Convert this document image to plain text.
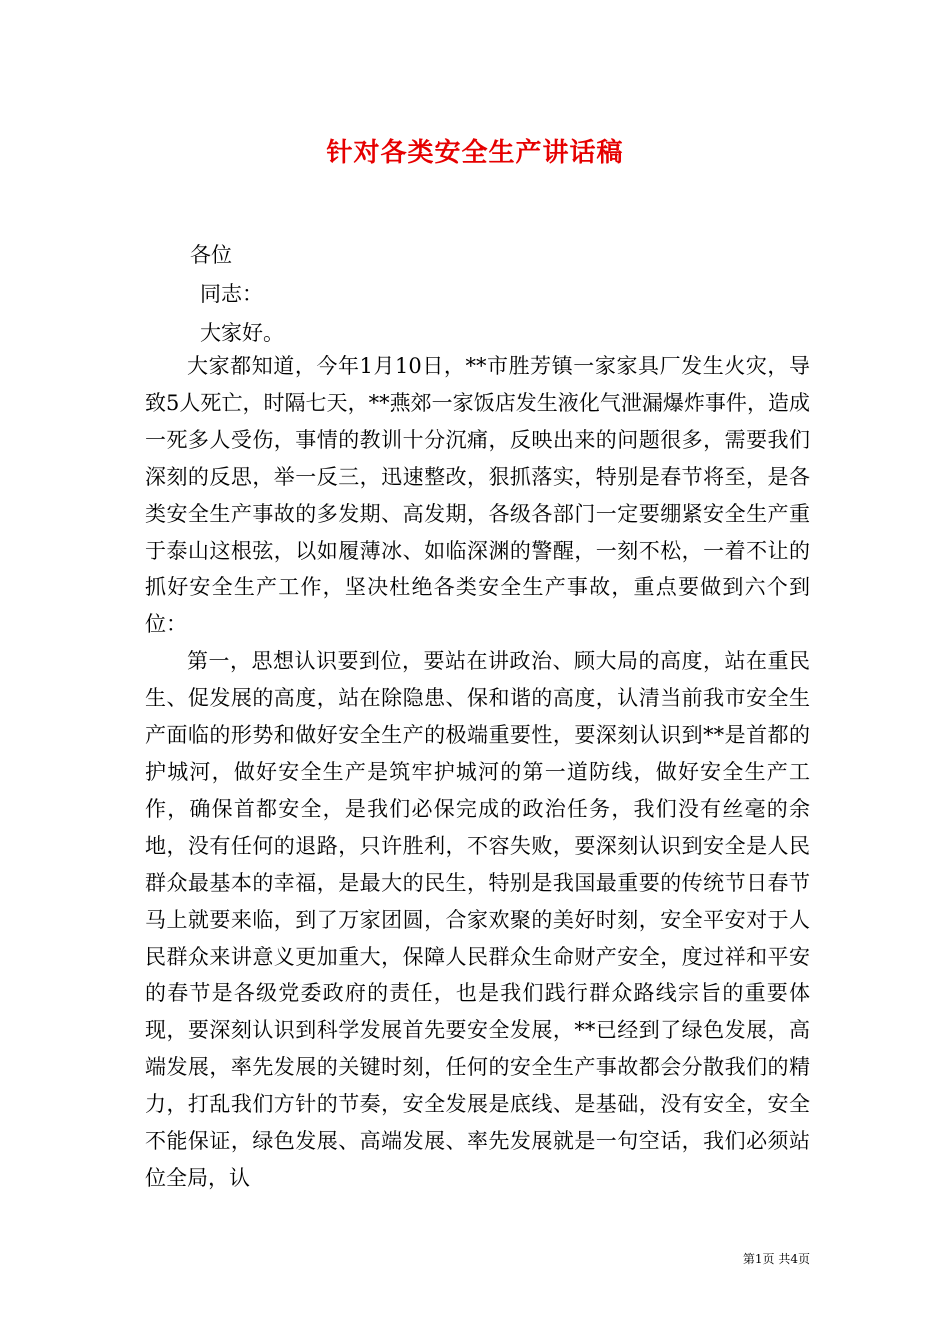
针对各类安全生产讲话稿

各位

同志：

大家好。

大家都知道，今年1月10日，**市胜芳镇一家家具厂发生火灾，导致5人死亡，时隔七天，**燕郊一家饭店发生液化气泄漏爆炸事件，造成一死多人受伤，事情的教训十分沉痛，反映出来的问题很多，需要我们深刻的反思，举一反三，迅速整改，狠抓落实，特别是春节将至，是各类安全生产事故的多发期、高发期，各级各部门一定要绷紧安全生产重于泰山这根弦，以如履薄冰、如临深渊的警醒，一刻不松，一着不让的抓好安全生产工作，坚决杜绝各类安全生产事故，重点要做到六个到位：

第一，思想认识要到位，要站在讲政治、顾大局的高度，站在重民生、促发展的高度，站在除隐患、保和谐的高度，认清当前我市安全生产面临的形势和做好安全生产的极端重要性，要深刻认识到**是首都的护城河，做好安全生产是筑牢护城河的第一道防线，做好安全生产工作，确保首都安全，是我们必保完成的政治任务，我们没有丝毫的余地，没有任何的退路，只许胜利，不容失败，要深刻认识到安全是人民群众最基本的幸福，是最大的民生，特别是我国最重要的传统节日春节马上就要来临，到了万家团圆，合家欢聚的美好时刻，安全平安对于人民群众来讲意义更加重大，保障人民群众生命财产安全，度过祥和平安的春节是各级党委政府的责任，也是我们践行群众路线宗旨的重要体现，要深刻认识到科学发展首先要安全发展，**已经到了绿色发展，高端发展，率先发展的关键时刻，任何的安全生产事故都会分散我们的精力，打乱我们方针的节奏，安全发展是底线、是基础，没有安全，安全不能保证，绿色发展、高端发展、率先发展就是一句空话，我们必须站位全局，认

第1页 共4页
